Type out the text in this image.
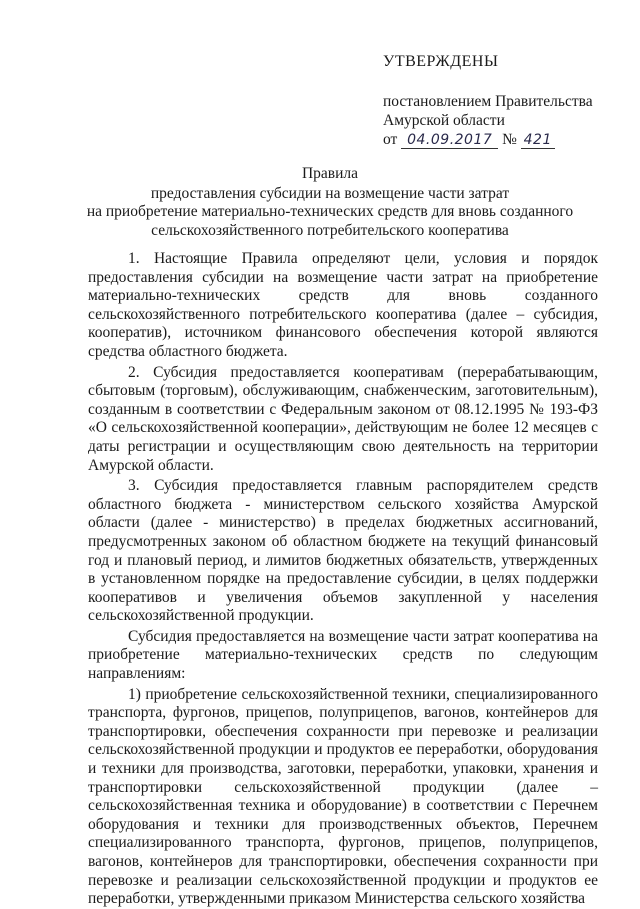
УТВЕРЖДЕНЫ
постановлением Правительства
Амурской области
от 04.09.2017 № 421
Правила
предоставления субсидии на возмещение части затрат
на приобретение материально-технических средств для вновь созданного
сельскохозяйственного потребительского кооператива

1. Настоящие Правила определяют цели, условия и порядок предоставления субсидии на возмещение части затрат на приобретение материально-технических средств для вновь созданного сельскохозяйственного потребительского кооператива (далее – субсидия, кооператив), источником финансового обеспечения которой являются средства областного бюджета.

2. Субсидия предоставляется кооперативам (перерабатывающим, сбытовым (торговым), обслуживающим, снабженческим, заготовительным), созданным в соответствии с Федеральным законом от 08.12.1995 № 193-ФЗ «О сельскохозяйственной кооперации», действующим не более 12 месяцев с даты регистрации и осуществляющим свою деятельность на территории Амурской области.

3. Субсидия предоставляется главным распорядителем средств областного бюджета - министерством сельского хозяйства Амурской области (далее - министерство) в пределах бюджетных ассигнований, предусмотренных законом об областном бюджете на текущий финансовый год и плановый период, и лимитов бюджетных обязательств, утвержденных в установленном порядке на предоставление субсидии, в целях поддержки кооперативов и увеличения объемов закупленной у населения сельскохозяйственной продукции.

Субсидия предоставляется на возмещение части затрат кооператива на приобретение материально-технических средств по следующим направлениям:

1) приобретение сельскохозяйственной техники, специализированного транспорта, фургонов, прицепов, полуприцепов, вагонов, контейнеров для транспортировки, обеспечения сохранности при перевозке и реализации сельскохозяйственной продукции и продуктов ее переработки, оборудования и техники для производства, заготовки, переработки, упаковки, хранения и транспортировки сельскохозяйственной продукции (далее – сельскохозяйственная техника и оборудование) в соответствии с Перечнем оборудования и техники для производственных объектов, Перечнем специализированного транспорта, фургонов, прицепов, полуприцепов, вагонов, контейнеров для транспортировки, обеспечения сохранности при перевозке и реализации сельскохозяйственной продукции и продуктов ее переработки, утвержденными приказом Министерства сельского хозяйства
